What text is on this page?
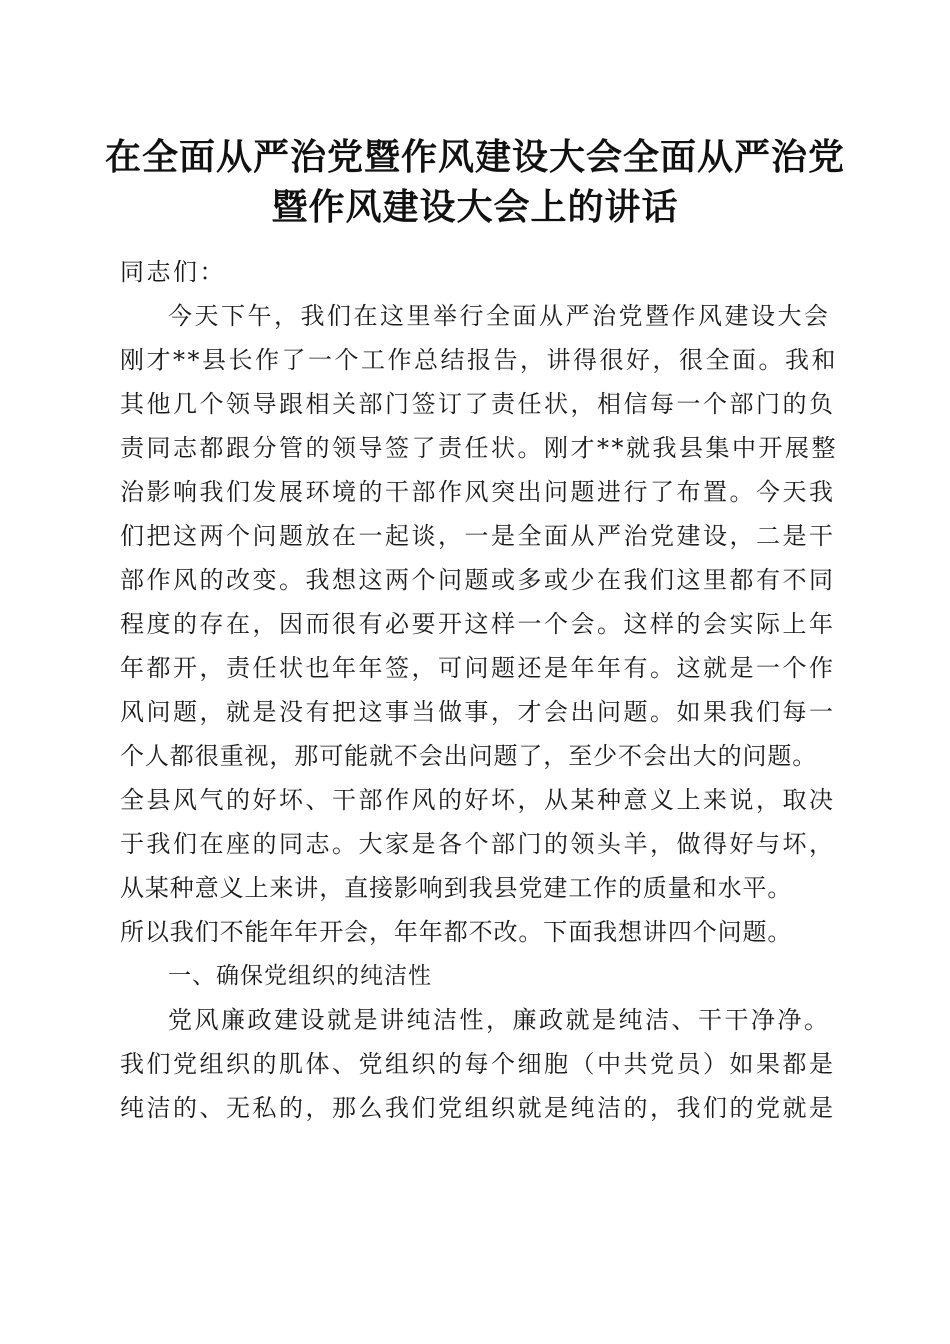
在全面从严治党暨作风建设大会全面从严治党
暨作风建设大会上的讲话
同志们：
今天下午，我们在这里举行全面从严治党暨作风建设大会
刚才**县长作了一个工作总结报告，讲得很好，很全面。我和
其他几个领导跟相关部门签订了责任状，相信每一个部门的负
责同志都跟分管的领导签了责任状。刚才**就我县集中开展整
治影响我们发展环境的干部作风突出问题进行了布置。今天我
们把这两个问题放在一起谈，一是全面从严治党建设，二是干
部作风的改变。我想这两个问题或多或少在我们这里都有不同
程度的存在，因而很有必要开这样一个会。这样的会实际上年
年都开，责任状也年年签，可问题还是年年有。这就是一个作
风问题，就是没有把这事当做事，才会出问题。如果我们每一
个人都很重视，那可能就不会出问题了，至少不会出大的问题。
全县风气的好坏、干部作风的好坏，从某种意义上来说，取决
于我们在座的同志。大家是各个部门的领头羊，做得好与坏，
从某种意义上来讲，直接影响到我县党建工作的质量和水平。
所以我们不能年年开会，年年都不改。下面我想讲四个问题。
一、确保党组织的纯洁性
党风廉政建设就是讲纯洁性，廉政就是纯洁、干干净净。
我们党组织的肌体、党组织的每个细胞（中共党员）如果都是
纯洁的、无私的，那么我们党组织就是纯洁的，我们的党就是
